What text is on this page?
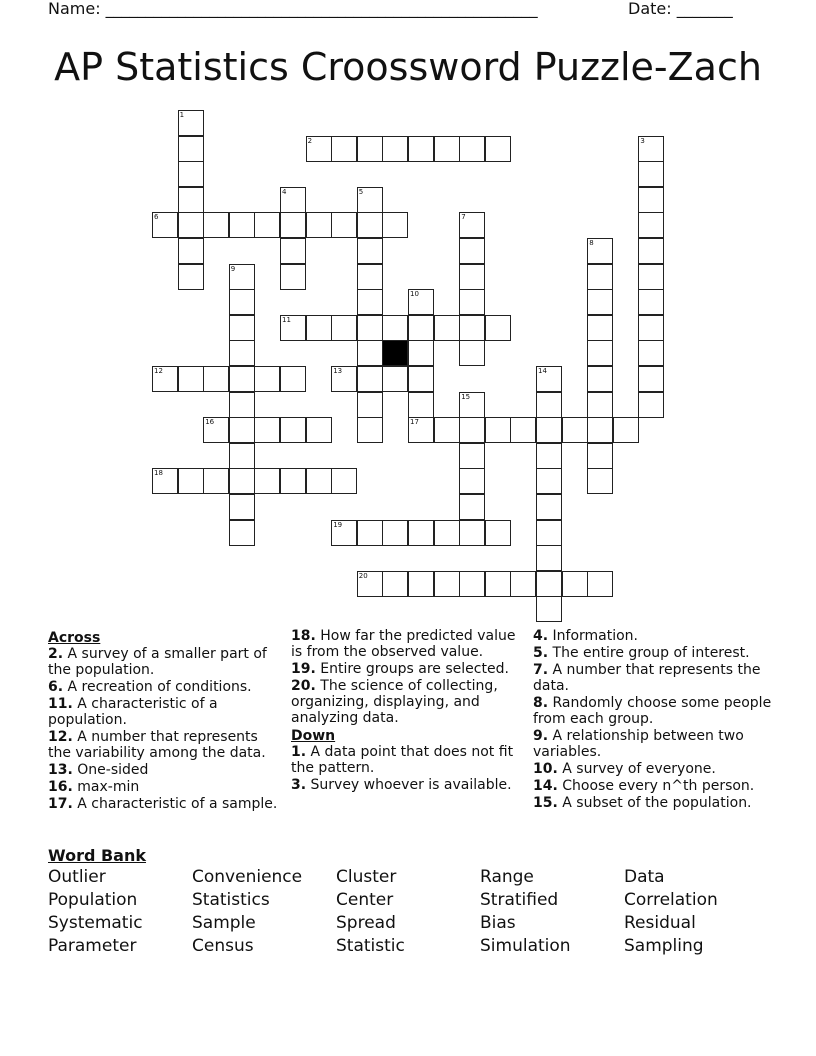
Name: ______________________________________________________	Date: _______
AP Statistics Croossword Puzzle-Zach
1
2	3
4	5
6	7
8
9
10
17
11
12	13	14
15
16
18
19
20
Across
2. A survey of a smaller part of the population.
6. A recreation of conditions.
11. A characteristic of a population.
12. A number that represents the variability among the data.
13. One-sided
16. max-min
17. A characteristic of a sample.
18. How far the predicted value is from the observed value.
19. Entire groups are selected.
20. The science of collecting, organizing, displaying, and analyzing data.
Down
1. A data point that does not fit the pattern.
3. Survey whoever is available.
4. Information.
5. The entire group of interest.
7. A number that represents the data.
8. Randomly choose some people from each group.
9. A relationship between two variables.
10. A survey of everyone.
14. Choose every n^th person.
15. A subset of the population.
Word Bank
Outlier	Convenience	Cluster	Range	Data
Population	Statistics	Center	Stratified	Correlation
Systematic	Sample	Spread	Bias	Residual
Parameter	Census	Statistic	Simulation	Sampling
